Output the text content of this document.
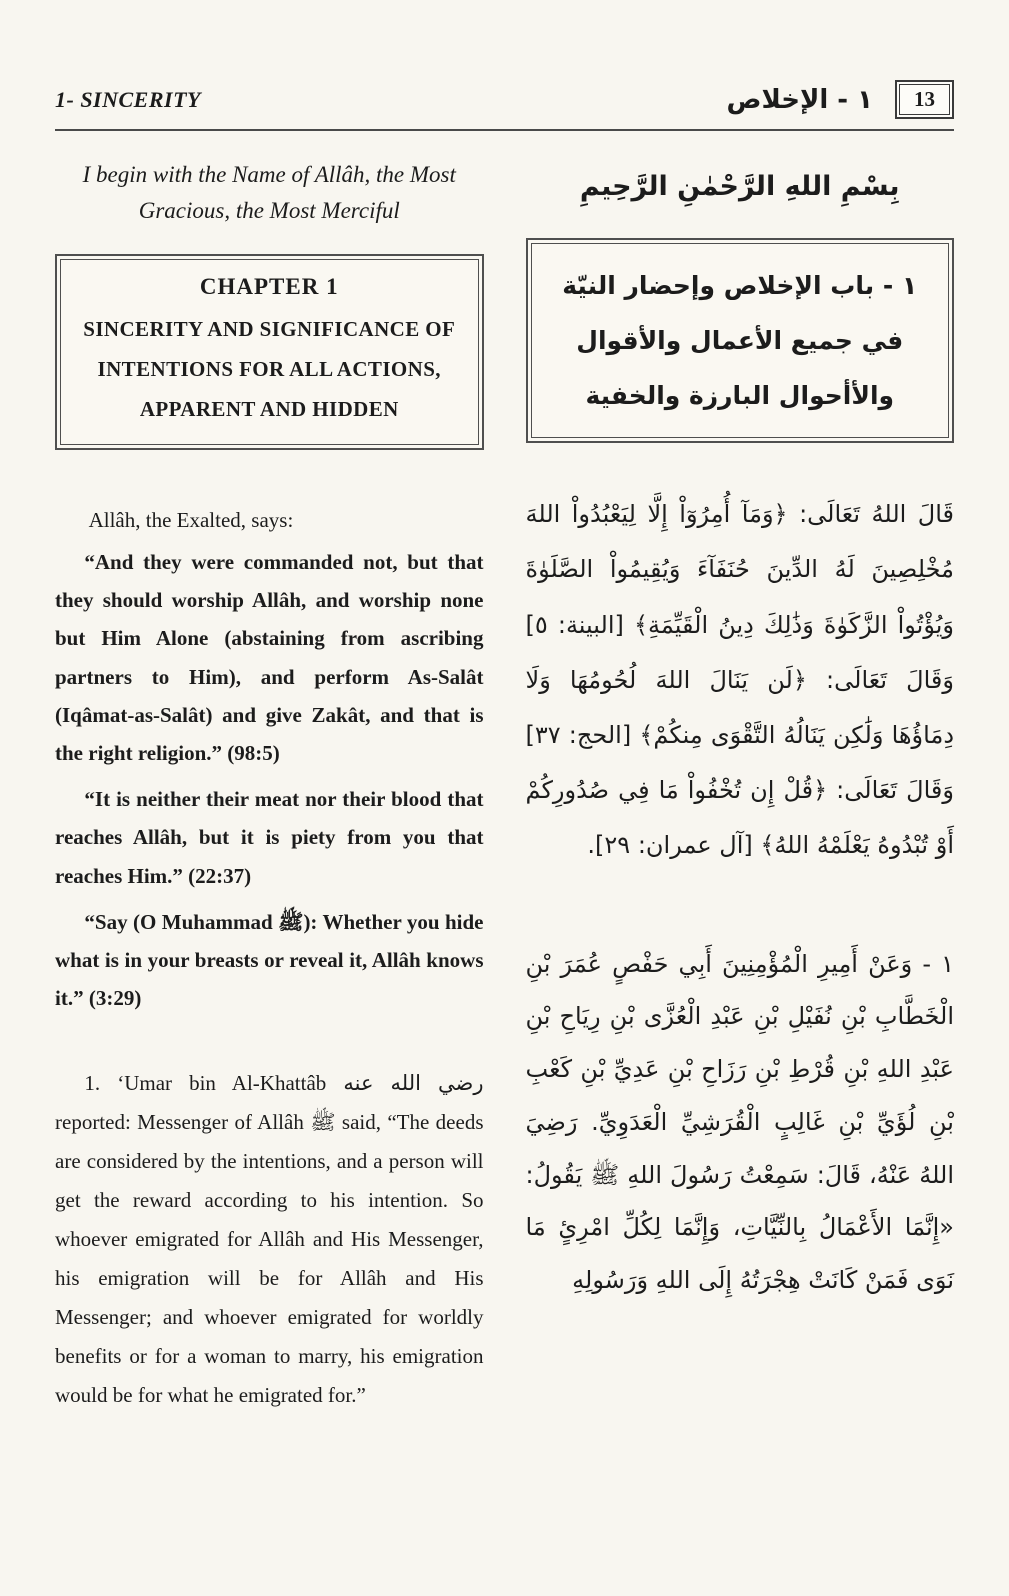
1- SINCERITY	١ - الإخلاص	13

I begin with the Name of Allâh, the Most Gracious, the Most Merciful

CHAPTER 1
SINCERITY AND SIGNIFICANCE OF INTENTIONS FOR ALL ACTIONS, APPARENT AND HIDDEN

Allâh, the Exalted, says:

“And they were commanded not, but that they should worship Allâh, and worship none but Him Alone (abstaining from ascribing partners to Him), and perform As-Salât (Iqâmat-as-Salât) and give Zakât, and that is the right religion.” (98:5)

“It is neither their meat nor their blood that reaches Allâh, but it is piety from you that reaches Him.” (22:37)

“Say (O Muhammad ﷺ): Whether you hide what is in your breasts or reveal it, Allâh knows it.” (3:29)

1. ‘Umar bin Al-Khattâb رضي الله عنه reported: Messenger of Allâh ﷺ said, “The deeds are considered by the intentions, and a person will get the reward according to his intention. So whoever emigrated for Allâh and His Messenger, his emigration will be for Allâh and His Messenger; and whoever emigrated for worldly benefits or for a woman to marry, his emigration would be for what he emigrated for.”

بِسْمِ اللهِ الرَّحْمٰنِ الرَّحِيمِ

١ - باب الإخلاص وإحضار النيّة في جميع الأعمال والأقوال والأأحوال البارزة والخفية

قَالَ اللهُ تَعَالَى: ﴿وَمَآ أُمِرُوٓاْ إِلَّا لِيَعْبُدُواْ اللهَ مُخْلِصِينَ لَهُ الدِّينَ حُنَفَآءَ وَيُقِيمُواْ الصَّلَوٰةَ وَيُؤْتُواْ الزَّكَوٰةَ وَذَٰلِكَ دِينُ الْقَيِّمَةِ﴾ [البينة: ٥] وَقَالَ تَعَالَى: ﴿لَن يَنَالَ اللهَ لُحُومُهَا وَلَا دِمَاؤُهَا وَلَٰكِن يَنَالُهُ التَّقْوَى مِنكُمْ﴾ [الحج: ٣٧] وَقَالَ تَعَالَى: ﴿قُلْ إِن تُخْفُواْ مَا فِي صُدُورِكُمْ أَوْ تُبْدُوهُ يَعْلَمْهُ اللهُ﴾ [آل عمران: ٢٩].

١ - وَعَنْ أَمِيرِ الْمُؤْمِنِينَ أَبِي حَفْصٍ عُمَرَ بْنِ الْخَطَّابِ بْنِ نُفَيْلِ بْنِ عَبْدِ الْعُزَّى بْنِ رِيَاحِ بْنِ عَبْدِ اللهِ بْنِ قُرْطِ بْنِ رَزَاحِ بْنِ عَدِيِّ بْنِ كَعْبِ بْنِ لُؤَيِّ بْنِ غَالِبٍ الْقُرَشِيِّ الْعَدَوِيِّ. رَضِيَ اللهُ عَنْهُ، قَالَ: سَمِعْتُ رَسُولَ اللهِ ﷺ يَقُولُ: «إِنَّمَا الأَعْمَالُ بِالنِّيَّاتِ، وَإِنَّمَا لِكُلِّ امْرِئٍ مَا نَوَى فَمَنْ كَانَتْ هِجْرَتُهُ إِلَى اللهِ وَرَسُولِهِ
